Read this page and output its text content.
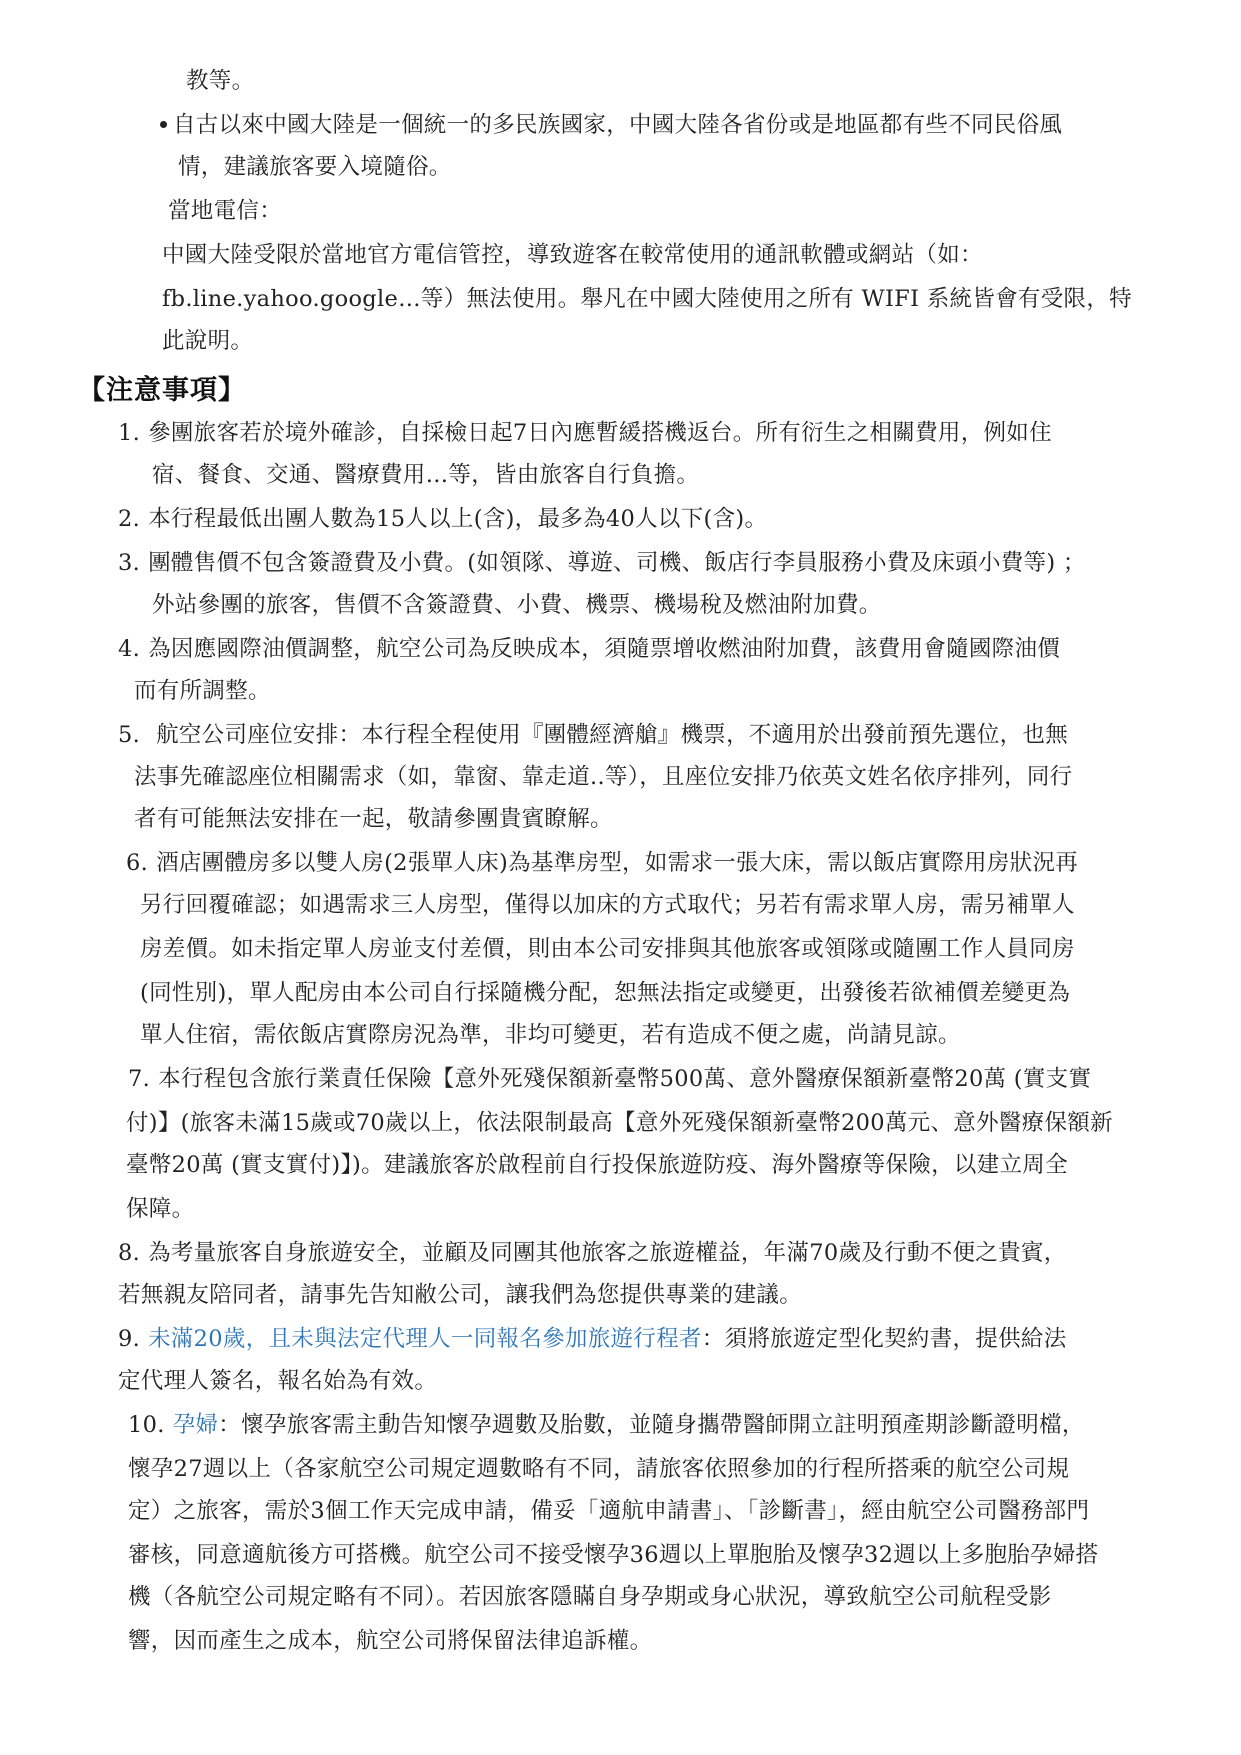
教等。
自古以來中國大陸是一個統一的多民族國家，中國大陸各省份或是地區都有些不同民俗風
情，建議旅客要入境隨俗。
當地電信：
中國大陸受限於當地官方電信管控，導致遊客在較常使用的通訊軟體或網站（如：
fb.line.yahoo.google…等）無法使用。舉凡在中國大陸使用之所有 WIFI 系統皆會有受限，特
此說明。
【注意事項】
1. 參團旅客若於境外確診，自採檢日起7日內應暫緩搭機返台。所有衍生之相關費用，例如住
宿、餐食、交通、醫療費用…等，皆由旅客自行負擔。
2. 本行程最低出團人數為15人以上(含)，最多為40人以下(含)。
3. 團體售價不包含簽證費及小費。(如領隊、導遊、司機、飯店行李員服務小費及床頭小費等) ；
外站參團的旅客，售價不含簽證費、小費、機票、機場稅及燃油附加費。
4. 為因應國際油價調整，航空公司為反映成本，須隨票增收燃油附加費，該費用會隨國際油價
而有所調整。
5. 航空公司座位安排：本行程全程使用『團體經濟艙』機票，不適用於出發前預先選位，也無
法事先確認座位相關需求（如，靠窗、靠走道..等），且座位安排乃依英文姓名依序排列，同行
者有可能無法安排在一起，敬請參團貴賓瞭解。
6. 酒店團體房多以雙人房(2張單人床)為基準房型，如需求一張大床，需以飯店實際用房狀況再
另行回覆確認；如遇需求三人房型，僅得以加床的方式取代；另若有需求單人房，需另補單人
房差價。如未指定單人房並支付差價，則由本公司安排與其他旅客或領隊或隨團工作人員同房
(同性別)，單人配房由本公司自行採隨機分配，恕無法指定或變更，出發後若欲補價差變更為
單人住宿，需依飯店實際房況為準，非均可變更，若有造成不便之處，尚請見諒。
7. 本行程包含旅行業責任保險【意外死殘保額新臺幣500萬、意外醫療保額新臺幣20萬 (實支實
付)】(旅客未滿15歲或70歲以上，依法限制最高【意外死殘保額新臺幣200萬元、意外醫療保額新
臺幣20萬 (實支實付)】)。建議旅客於啟程前自行投保旅遊防疫、海外醫療等保險，以建立周全
保障。
8. 為考量旅客自身旅遊安全，並顧及同團其他旅客之旅遊權益，年滿70歲及行動不便之貴賓，
若無親友陪同者，請事先告知敝公司，讓我們為您提供專業的建議。
9. 未滿20歲，且未與法定代理人一同報名參加旅遊行程者：須將旅遊定型化契約書，提供給法
定代理人簽名，報名始為有效。
10. 孕婦：懷孕旅客需主動告知懷孕週數及胎數，並隨身攜帶醫師開立註明預產期診斷證明檔，
懷孕27週以上（各家航空公司規定週數略有不同，請旅客依照參加的行程所搭乘的航空公司規
定）之旅客，需於3個工作天完成申請，備妥「適航申請書」、「診斷書」，經由航空公司醫務部門
審核，同意適航後方可搭機。航空公司不接受懷孕36週以上單胞胎及懷孕32週以上多胞胎孕婦搭
機（各航空公司規定略有不同）。若因旅客隱瞞自身孕期或身心狀況，導致航空公司航程受影
響，因而產生之成本，航空公司將保留法律追訴權。
